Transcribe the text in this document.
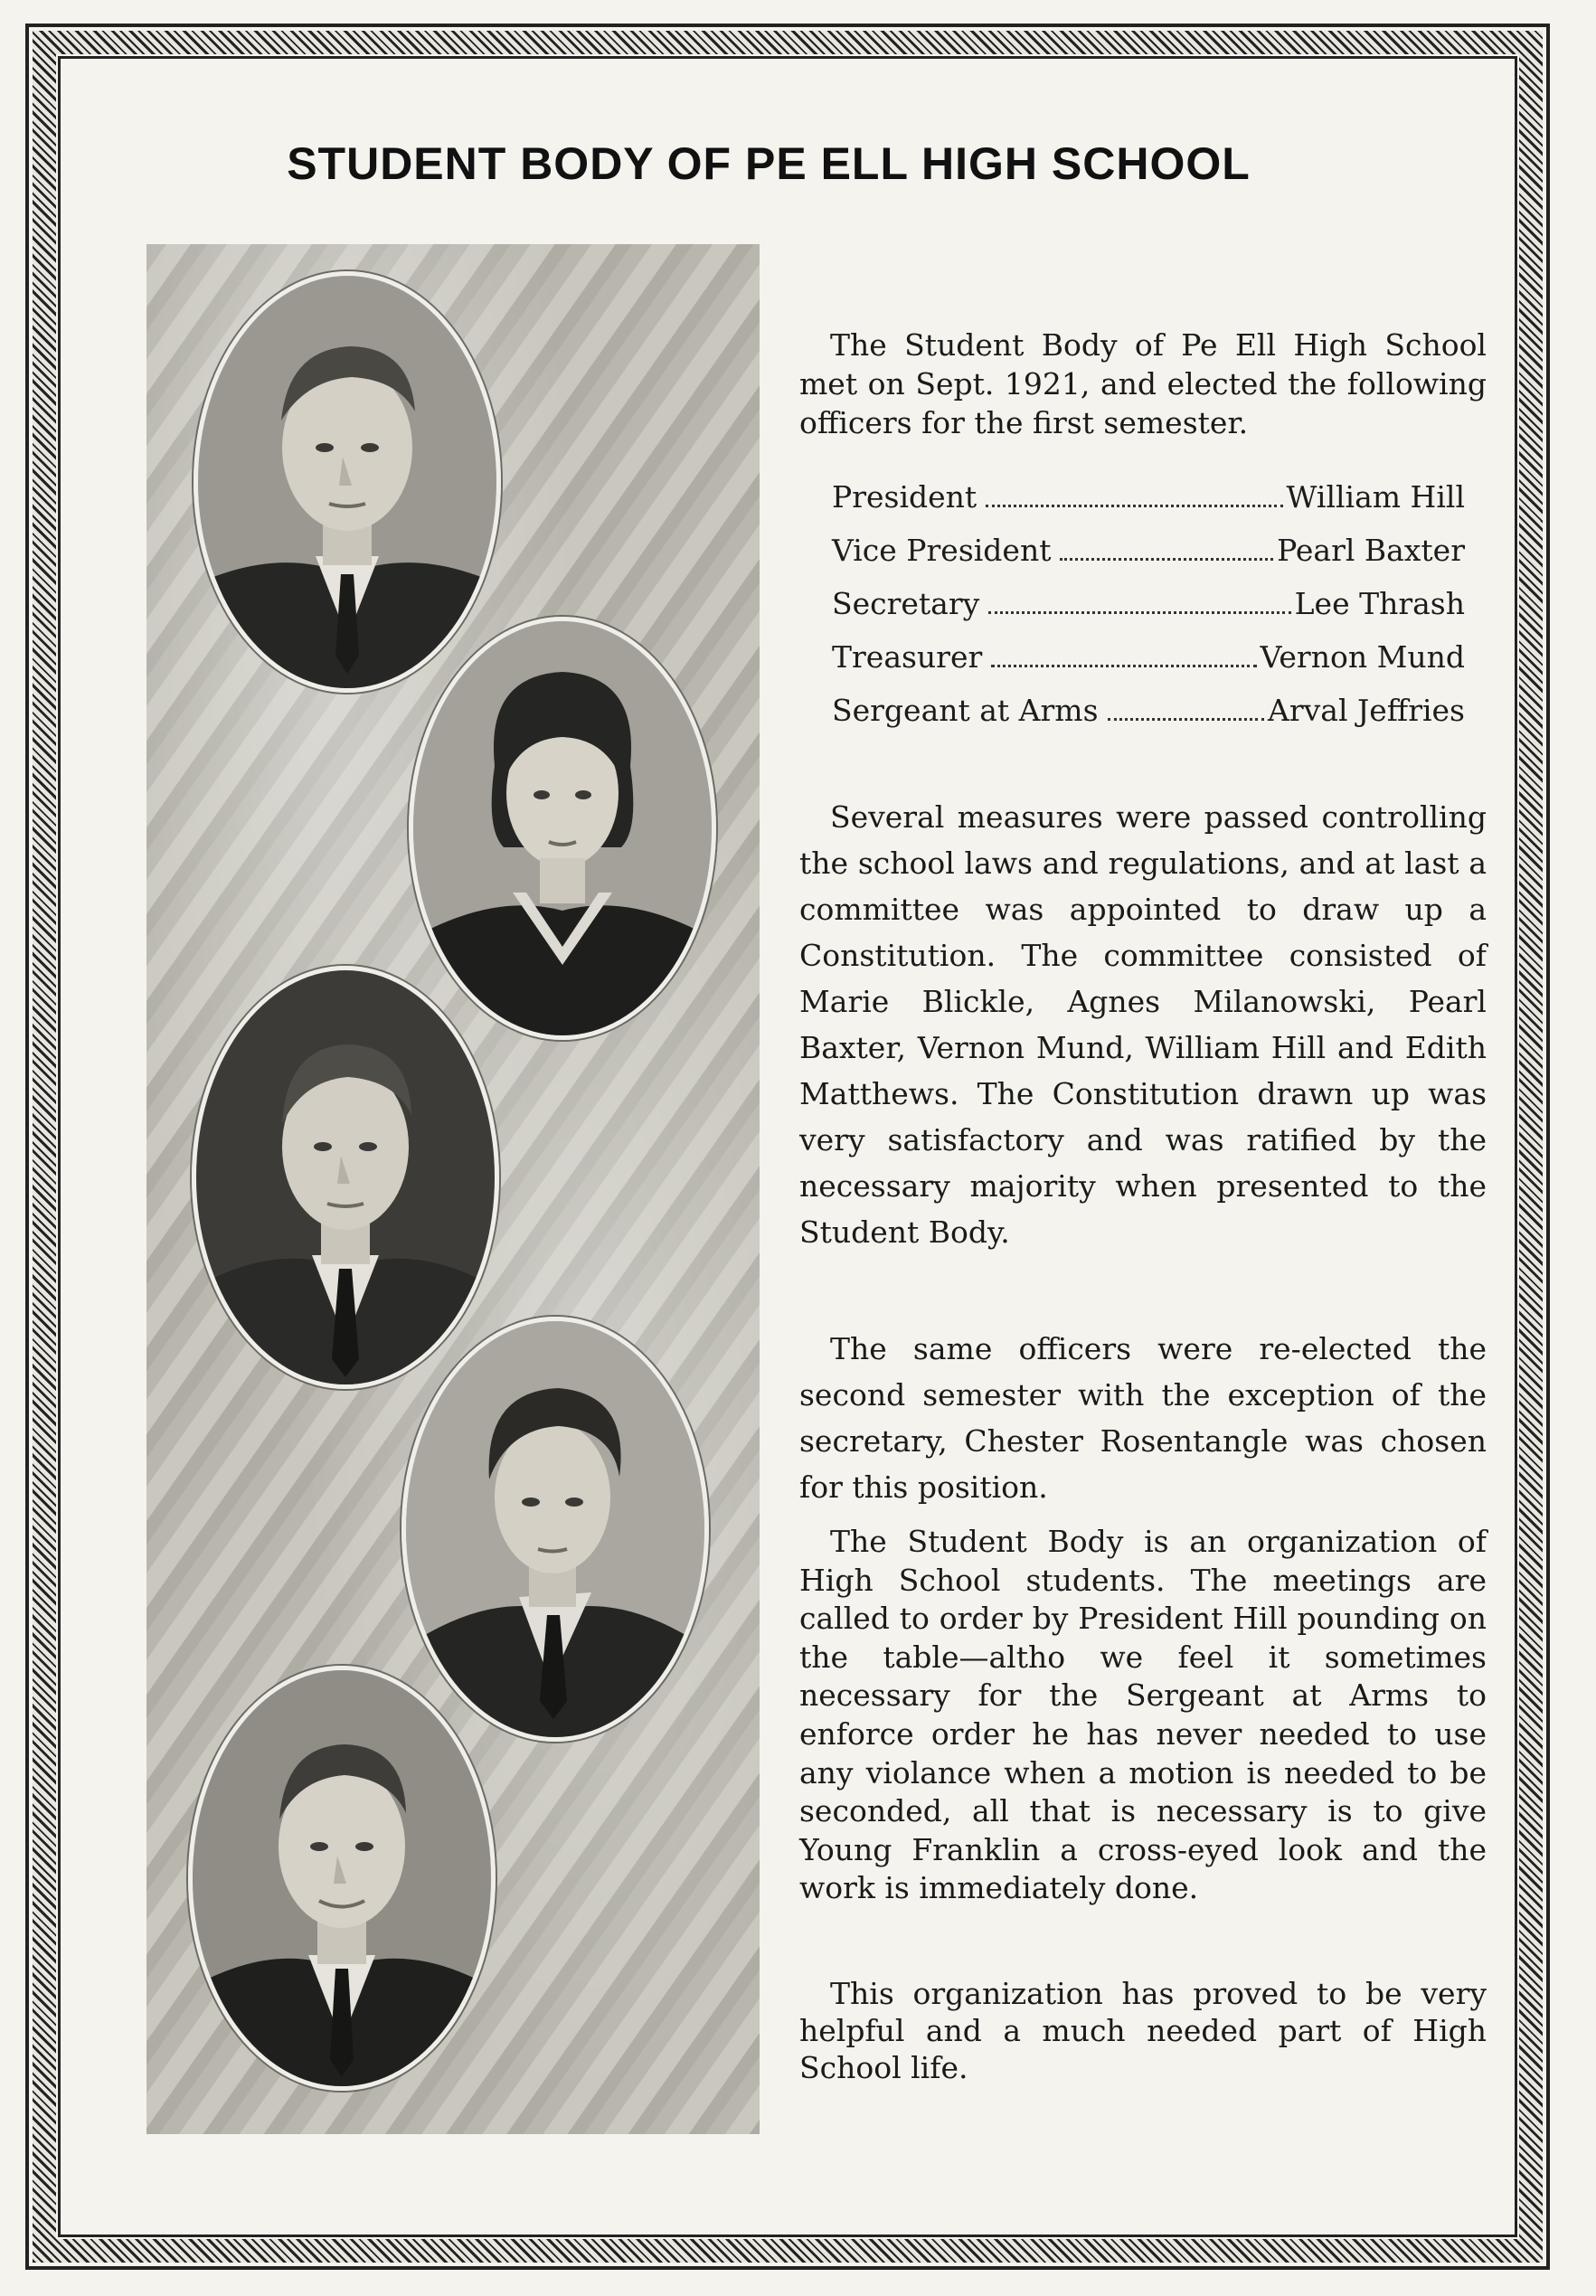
STUDENT BODY OF PE ELL HIGH SCHOOL

The Student Body of Pe Ell High School met on Sept. 1921, and elected the following officers for the first semester.

President	William Hill
Vice President	Pearl Baxter
Secretary	Lee Thrash
Treasurer	Vernon Mund
Sergeant at Arms	Arval Jeffries

Several measures were passed controlling the school laws and regulations, and at last a committee was appointed to draw up a Constitution. The committee consisted of Marie Blickle, Agnes Milanowski, Pearl Baxter, Vernon Mund, William Hill and Edith Matthews. The Constitution drawn up was very satisfactory and was ratified by the necessary majority when presented to the Student Body.

The same officers were re-elected the second semester with the exception of the secretary, Chester Rosentangle was chosen for this position.

The Student Body is an organization of High School students. The meetings are called to order by President Hill pounding on the table—altho we feel it sometimes necessary for the Sergeant at Arms to enforce order he has never needed to use any violance when a motion is needed to be seconded, all that is necessary is to give Young Franklin a cross-eyed look and the work is immediately done.

This organization has proved to be very helpful and a much needed part of High School life.
